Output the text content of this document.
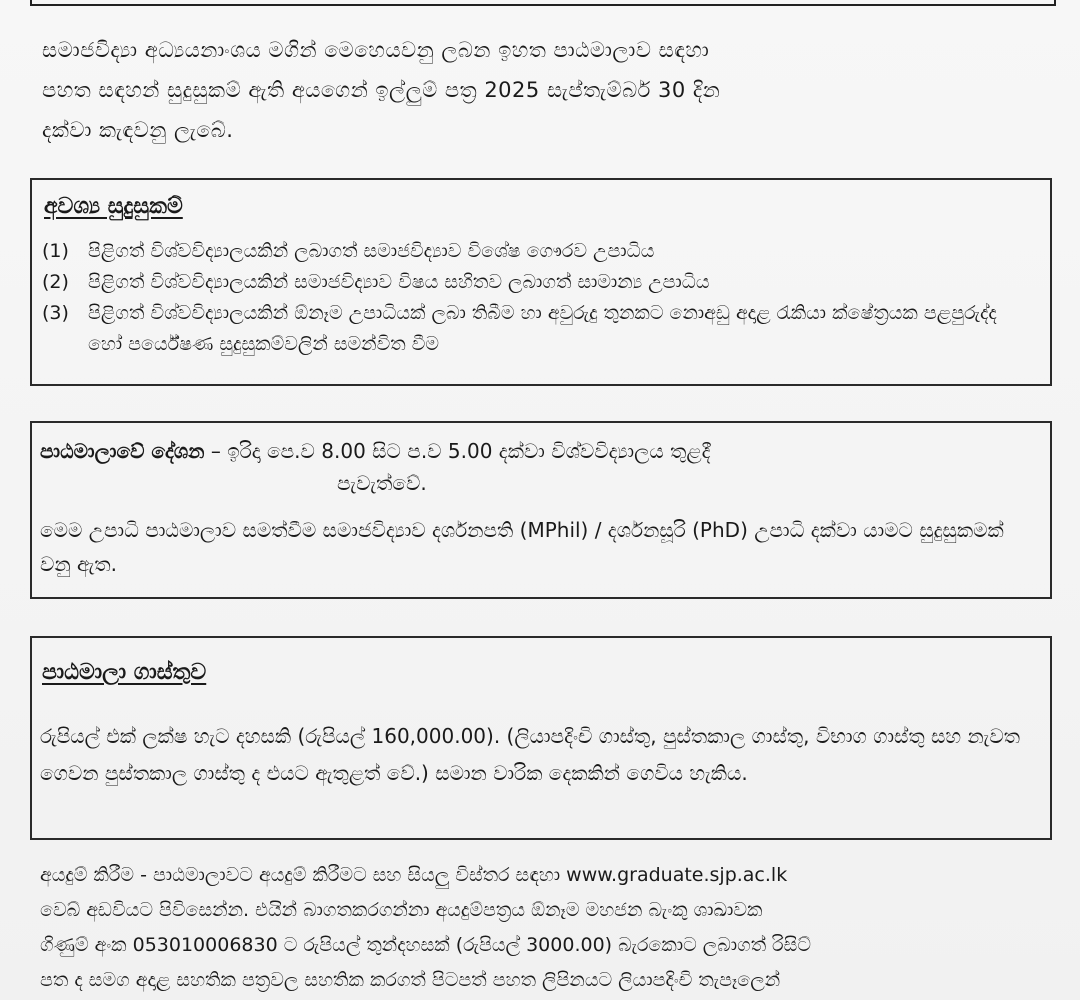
සමාජවිද්‍යා අධ්‍යයනාංශය මගින් මෙහෙයවනු ලබන ඉහත පාඨමාලාව සඳහා
පහත සඳහන් සුදුසුකම් ඇති අයගෙන් ඉල්ලුම් පත්‍ර 2025 සැප්තැම්බර් 30 දින
දක්වා කැඳවනු ලැබේ.
අවශ්‍ය සුදුසුකම්
(1)	පිළිගත් විශ්වවිද්‍යාලයකින් ලබාගත් සමාජවිද්‍යාව විශේෂ ගෞරව උපාධිය
(2)	පිළිගත් විශ්වවිද්‍යාලයකින් සමාජවිද්‍යාව විෂය සහිතව ලබාගත් සාමාන්‍ය උපාධිය
(3)	පිළිගත් විශ්වවිද්‍යාලයකින් ඕනෑම උපාධියක් ලබා තිබීම හා අවුරුදු තුනකට නොඅඩු අදාළ රැකියා ක්ෂේත්‍රයක පළපුරුද්ද හෝ පර්යේෂණ සුදුසුකම්වලින් සමන්විත වීම
පාඨමාලාවේ දේශන – ඉරිදා පෙ.ව 8.00 සිට ප.ව 5.00 දක්වා විශ්වවිද්‍යාලය තුළදී
පැවැත්වේ.
මෙම උපාධි පාඨමාලාව සමත්වීම සමාජවිද්‍යාව දර්ශනපති (MPhil) / දර්ශනසූරි (PhD) උපාධි දක්වා යාමට සුදුසුකමක් වනු ඇත.
පාඨමාලා ගාස්තුව
රුපියල් එක් ලක්ෂ හැට දහසකි (රුපියල් 160,000.00). (ලියාපදිංචි ගාස්තු, පුස්තකාල ගාස්තු, විභාග ගාස්තු සහ නැවත ගෙවන පුස්තකාල ගාස්තු ද එයට ඇතුළත් වේ.) සමාන වාරික දෙකකින් ගෙවිය හැකිය.
අයදුම් කිරීම - පාඨමාලාවට අයදුම් කිරීමට සහ සියලු විස්තර සඳහා www.graduate.sjp.ac.lk
වෙබ් අඩවියට පිවිසෙන්න. එයින් බාගතකරගන්නා අයදුම්පත්‍රය ඕනෑම මහජන බැංකු ශාඛාවක
ගිණුම් අංක 053010006830 ට රුපියල් තුන්දහසක් (රුපියල් 3000.00) බැරකොට ලබාගත් රිසිට්
පත ද සමග අදාළ සහතික පත්‍රවල සහතික කරගත් පිටපත් පහත ලිපිනයට ලියාපදිංචි තැපෑලෙන්
